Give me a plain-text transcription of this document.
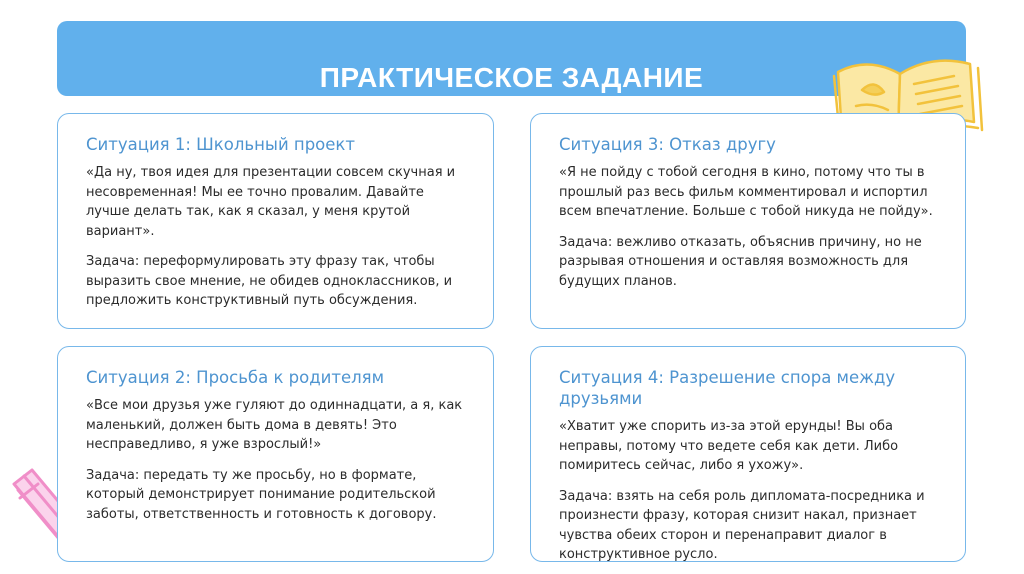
ПРАКТИЧЕСКОЕ ЗАДАНИЕ
Ситуация 1: Школьный проект

«Да ну, твоя идея для презентации совсем скучная и несовременная! Мы ее точно провалим. Давайте лучше делать так, как я сказал, у меня крутой вариант».

Задача: переформулировать эту фразу так, чтобы выразить свое мнение, не обидев одноклассников, и предложить конструктивный путь обсуждения.

Ситуация 3: Отказ другу

«Я не пойду с тобой сегодня в кино, потому что ты в прошлый раз весь фильм комментировал и испортил всем впечатление. Больше с тобой никуда не пойду».

Задача: вежливо отказать, объяснив причину, но не разрывая отношения и оставляя возможность для будущих планов.

Ситуация 2: Просьба к родителям

«Все мои друзья уже гуляют до одиннадцати, а я, как маленький, должен быть дома в девять! Это несправедливо, я уже взрослый!»

Задача: передать ту же просьбу, но в формате, который демонстрирует понимание родительской заботы, ответственность и готовность к договору.

Ситуация 4: Разрешение спора между друзьями

«Хватит уже спорить из-за этой ерунды! Вы оба неправы, потому что ведете себя как дети. Либо помиритесь сейчас, либо я ухожу».

Задача: взять на себя роль дипломата-посредника и произнести фразу, которая снизит накал, признает чувства обеих сторон и перенаправит диалог в конструктивное русло.
